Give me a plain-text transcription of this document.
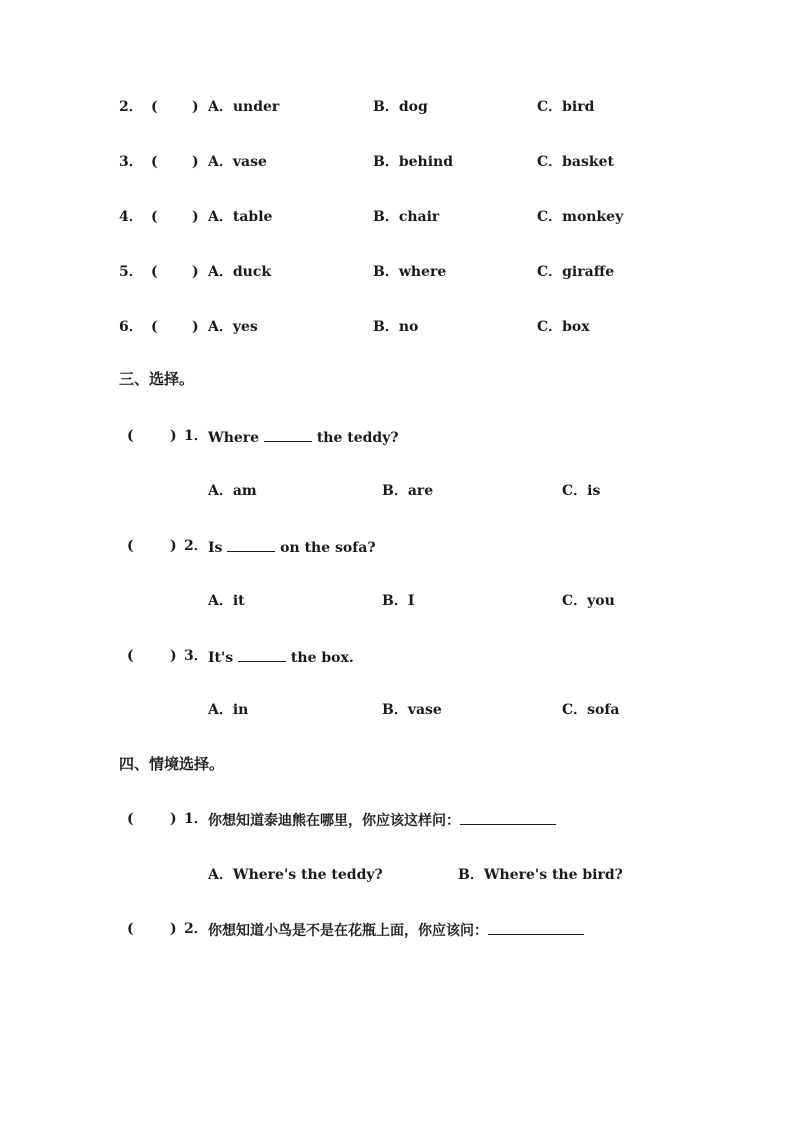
2． ( ) A．under	B．dog	C．bird
3． ( ) A．vase	B．behind	C．basket
4． ( ) A．table	B．chair	C．monkey
5． ( ) A．duck	B．where	C．giraffe
6． ( ) A．yes	B．no	C．box
三、选择。
(	) 1． Where	the teddy?
A．am	B．are	C．is
(	) 2． Is	on the sofa?
A．it	B．I	C．you
(	) 3． It's	the box.
A．in	B．vase	C．sofa
四、情境选择。
(	) 1． 你想知道泰迪熊在哪里，你应该这样问：
A．Where's the teddy?	B．Where's the bird?
(	) 2． 你想知道小鸟是不是在花瓶上面，你应该问：
